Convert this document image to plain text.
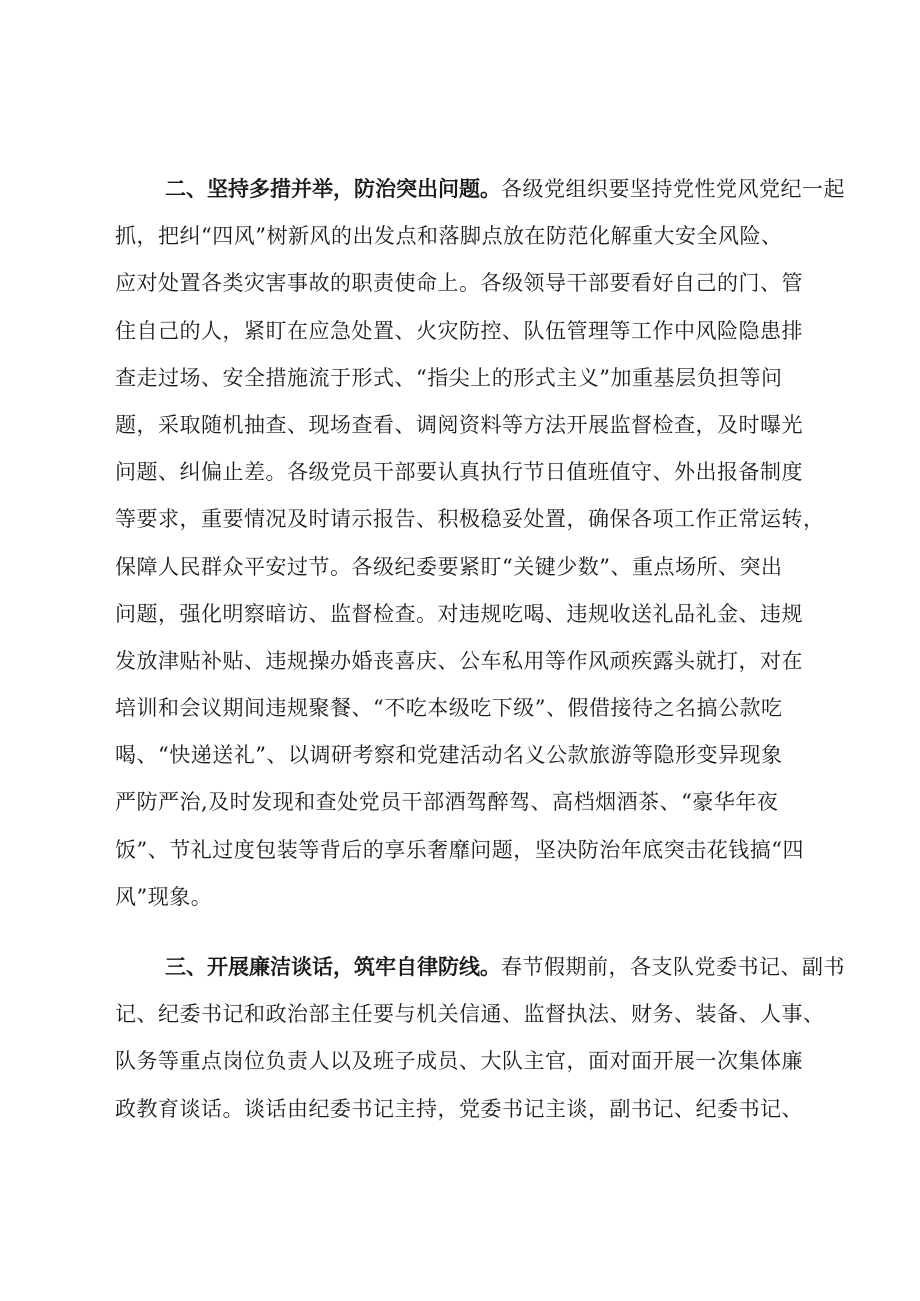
二、坚持多措并举，防治突出问题。各级党组织要坚持党性党风党纪一起
抓，把纠“四风”树新风的出发点和落脚点放在防范化解重大安全风险、
应对处置各类灾害事故的职责使命上。各级领导干部要看好自己的门、管
住自己的人，紧盯在应急处置、火灾防控、队伍管理等工作中风险隐患排
查走过场、安全措施流于形式、“指尖上的形式主义”加重基层负担等问
题，采取随机抽查、现场查看、调阅资料等方法开展监督检查，及时曝光
问题、纠偏止差。各级党员干部要认真执行节日值班值守、外出报备制度
等要求，重要情况及时请示报告、积极稳妥处置，确保各项工作正常运转，
保障人民群众平安过节。各级纪委要紧盯“关键少数”、重点场所、突出
问题，强化明察暗访、监督检查。对违规吃喝、违规收送礼品礼金、违规
发放津贴补贴、违规操办婚丧喜庆、公车私用等作风顽疾露头就打，对在
培训和会议期间违规聚餐、“不吃本级吃下级”、假借接待之名搞公款吃
喝、“快递送礼”、以调研考察和党建活动名义公款旅游等隐形变异现象
严防严治,及时发现和查处党员干部酒驾醉驾、高档烟酒茶、“豪华年夜
饭”、节礼过度包装等背后的享乐奢靡问题，坚决防治年底突击花钱搞“四
风”现象。
三、开展廉洁谈话，筑牢自律防线。春节假期前，各支队党委书记、副书
记、纪委书记和政治部主任要与机关信通、监督执法、财务、装备、人事、
队务等重点岗位负责人以及班子成员、大队主官，面对面开展一次集体廉
政教育谈话。谈话由纪委书记主持，党委书记主谈，副书记、纪委书记、
